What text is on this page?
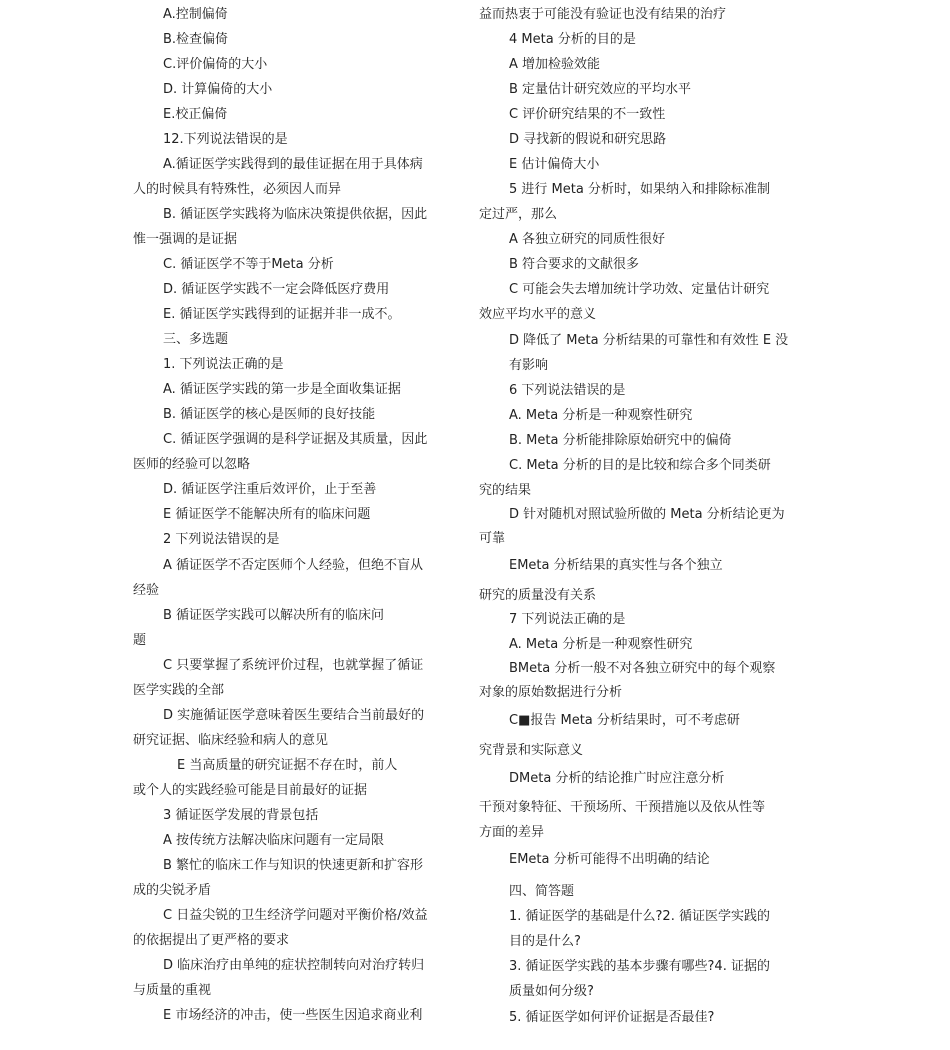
A.控制偏倚
B.检查偏倚
C.评价偏倚的大小
D. 计算偏倚的大小
E.校正偏倚
12.下列说法错误的是
A.循证医学实践得到的最佳证据在用于具体病
人的时候具有特殊性，必须因人而异
B. 循证医学实践将为临床决策提供依据，因此
惟一强调的是证据
C. 循证医学不等于Meta 分析
D. 循证医学实践不一定会降低医疗费用
E. 循证医学实践得到的证据并非一成不。
三、多选题
1. 下列说法正确的是
A. 循证医学实践的第一步是全面收集证据
B. 循证医学的核心是医师的良好技能
C. 循证医学强调的是科学证据及其质量，因此
医师的经验可以忽略
D. 循证医学注重后效评价，止于至善
E 循证医学不能解决所有的临床问题
2 下列说法错误的是
A 循证医学不否定医师个人经验，但绝不盲从
经验
B 循证医学实践可以解决所有的临床问
题
C 只要掌握了系统评价过程，也就掌握了循证
医学实践的全部
D 实施循证医学意味着医生要结合当前最好的
研究证据、临床经验和病人的意见
E 当高质量的研究证据不存在时，前人
或个人的实践经验可能是目前最好的证据
3 循证医学发展的背景包括
A 按传统方法解决临床问题有一定局限
B 繁忙的临床工作与知识的快速更新和扩容形
成的尖锐矛盾
C 日益尖锐的卫生经济学问题对平衡价格/效益
的依据提出了更严格的要求
D 临床治疗由单纯的症状控制转向对治疗转归
与质量的重视
E 市场经济的冲击，使一些医生因追求商业利
益而热衷于可能没有验证也没有结果的治疗
4 Meta 分析的目的是
A 增加检验效能
B 定量估计研究效应的平均水平
C 评价研究结果的不一致性
D 寻找新的假说和研究思路
E 估计偏倚大小
5 进行 Meta 分析时，如果纳入和排除标准制
定过严，那么
A 各独立研究的同质性很好
B 符合要求的文献很多
C 可能会失去增加统计学功效、定量估计研究
效应平均水平的意义
D 降低了 Meta 分析结果的可靠性和有效性 E 没
有影响
6 下列说法错误的是
A. Meta 分析是一种观察性研究
B. Meta 分析能排除原始研究中的偏倚
C. Meta 分析的目的是比较和综合多个同类研
究的结果
D 针对随机对照试验所做的 Meta 分析结论更为
可靠
EMeta 分析结果的真实性与各个独立
研究的质量没有关系
7 下列说法正确的是
A. Meta 分析是一种观察性研究
BMeta 分析一般不对各独立研究中的每个观察
对象的原始数据进行分析
C■报告 Meta 分析结果时，可不考虑研
究背景和实际意义
DMeta 分析的结论推广时应注意分析
干预对象特征、干预场所、干预措施以及依从性等
方面的差异
EMeta 分析可能得不出明确的结论
四、简答题
1. 循证医学的基础是什么?2. 循证医学实践的
目的是什么?
3. 循证医学实践的基本步骤有哪些?4. 证据的
质量如何分级?
5. 循证医学如何评价证据是否最佳?
